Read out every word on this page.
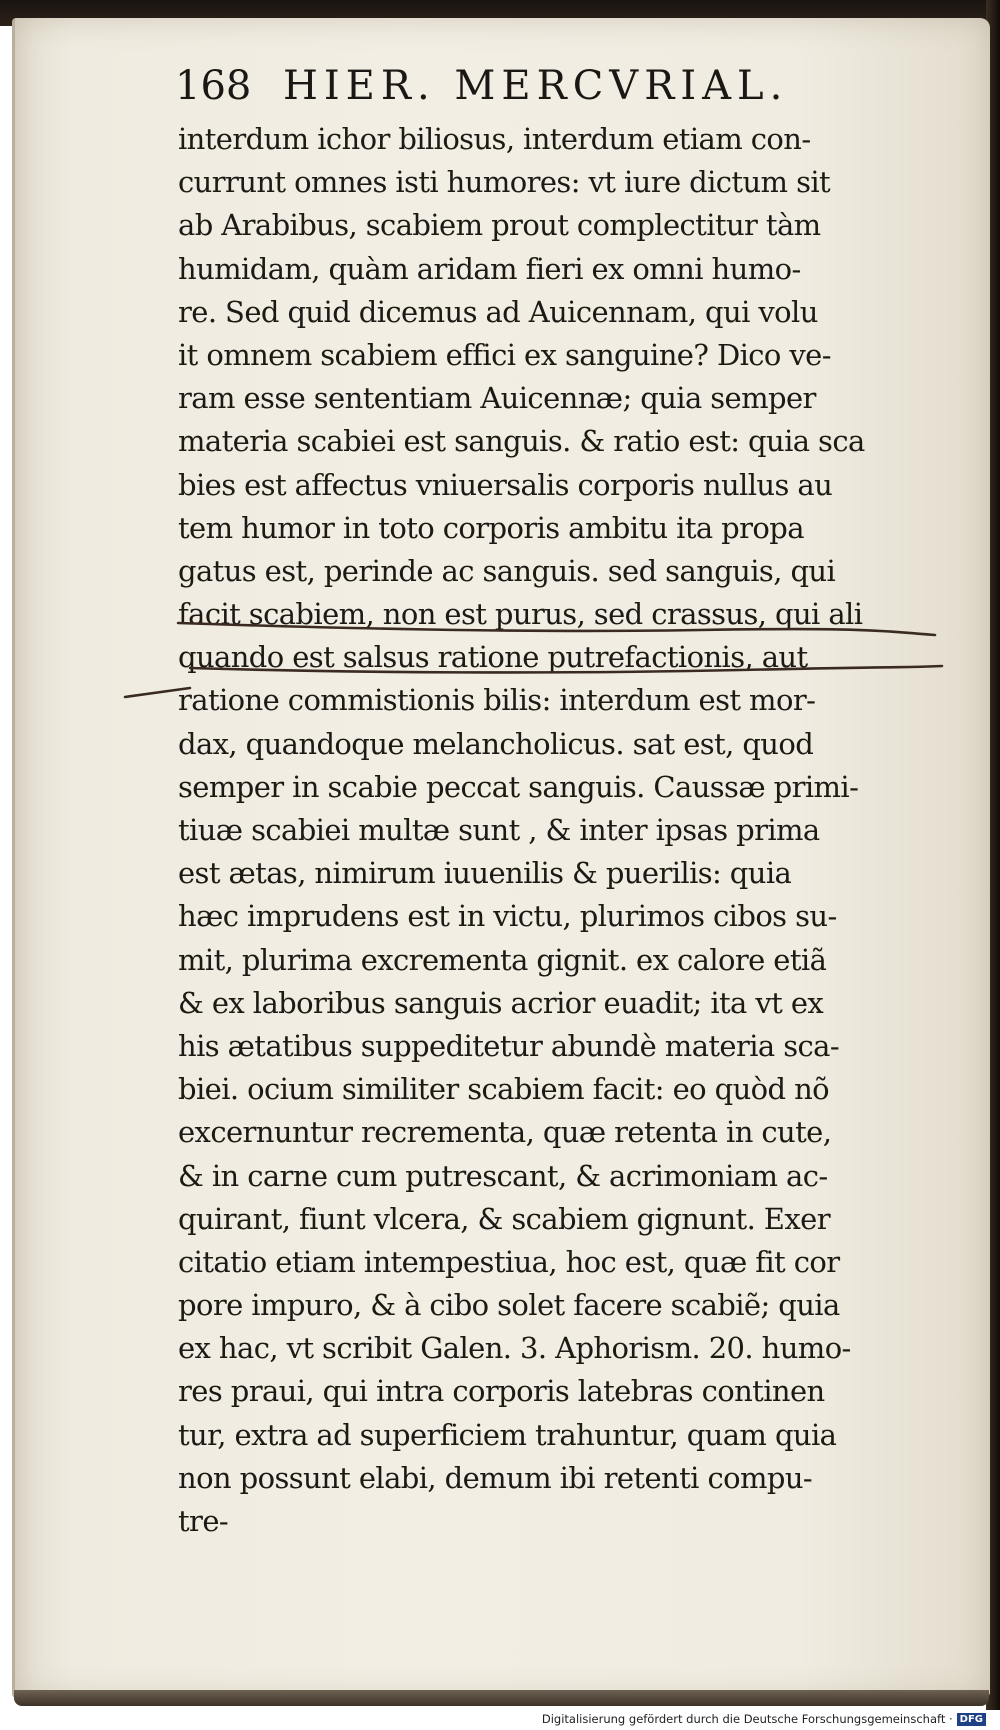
168 HIER. MERCVRIAL.
interdum ichor biliosus, interdum etiam con-
currunt omnes isti humores: vt iure dictum sit
ab Arabibus, scabiem prout complectitur tàm
humidam, quàm aridam fieri ex omni humo-
re. Sed quid dicemus ad Auicennam, qui volu
it omnem scabiem effici ex sanguine? Dico ve-
ram esse sententiam Auicennæ; quia semper
materia scabiei est sanguis. & ratio est: quia sca
bies est affectus vniuersalis corporis nullus au
tem humor in toto corporis ambitu ita propa
gatus est, perinde ac sanguis. sed sanguis, qui
facit scabiem, non est purus, sed crassus, qui ali
quando est salsus ratione putrefactionis, aut
ratione commistionis bilis: interdum est mor-
dax, quandoque melancholicus. sat est, quod
semper in scabie peccat sanguis. Caussæ primi-
tiuæ scabiei multæ sunt , & inter ipsas prima
est ætas, nimirum iuuenilis & puerilis: quia
hæc imprudens est in victu, plurimos cibos su-
mit, plurima excrementa gignit. ex calore etiã
& ex laboribus sanguis acrior euadit; ita vt ex
his ætatibus suppeditetur abundè materia sca-
biei. ocium similiter scabiem facit: eo quòd nõ
excernuntur recrementa, quæ retenta in cute,
& in carne cum putrescant, & acrimoniam ac-
quirant, fiunt vlcera, & scabiem gignunt. Exer
citatio etiam intempestiua, hoc est, quæ fit cor
pore impuro, & à cibo solet facere scabiẽ; quia
ex hac, vt scribit Galen. 3. Aphorism. 20. humo-
res praui, qui intra corporis latebras continen
tur, extra ad superficiem trahuntur, quam quia
non possunt elabi, demum ibi retenti compu-
tre-
Digitalisierung gefördert durch die Deutsche Forschungsgemeinschaft · DFG
